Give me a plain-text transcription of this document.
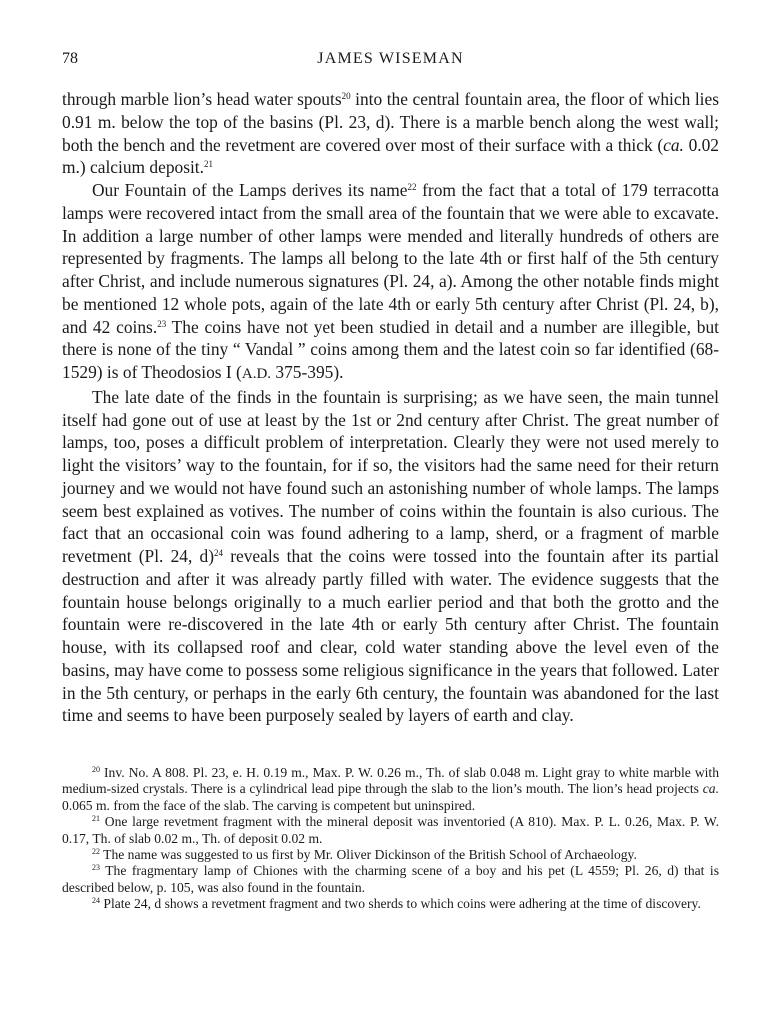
78	JAMES WISEMAN

through marble lion’s head water spouts$^{20}$ into the central fountain area, the floor of which lies 0.91 m. below the top of the basins (Pl. 23, d). There is a marble bench along the west wall; both the bench and the revetment are covered over most of their surface with a thick (ca. 0.02 m.) calcium deposit.$^{21}$

Our Fountain of the Lamps derives its name$^{22}$ from the fact that a total of 179 terracotta lamps were recovered intact from the small area of the fountain that we were able to excavate. In addition a large number of other lamps were mended and literally hundreds of others are represented by fragments. The lamps all belong to the late 4th or first half of the 5th century after Christ, and include numerous signatures (Pl. 24, a). Among the other notable finds might be mentioned 12 whole pots, again of the late 4th or early 5th century after Christ (Pl. 24, b), and 42 coins.$^{23}$ The coins have not yet been studied in detail and a number are illegible, but there is none of the tiny “ Vandal ” coins among them and the latest coin so far identified (68-1529) is of Theodosios I (A.D. 375-395).

The late date of the finds in the fountain is surprising; as we have seen, the main tunnel itself had gone out of use at least by the 1st or 2nd century after Christ. The great number of lamps, too, poses a difficult problem of interpretation. Clearly they were not used merely to light the visitors’ way to the fountain, for if so, the visitors had the same need for their return journey and we would not have found such an astonishing number of whole lamps. The lamps seem best explained as votives. The number of coins within the fountain is also curious. The fact that an occasional coin was found adhering to a lamp, sherd, or a fragment of marble revetment (Pl. 24, d)$^{24}$ reveals that the coins were tossed into the fountain after its partial destruction and after it was already partly filled with water. The evidence suggests that the fountain house belongs originally to a much earlier period and that both the grotto and the fountain were re-discovered in the late 4th or early 5th century after Christ. The fountain house, with its collapsed roof and clear, cold water standing above the level even of the basins, may have come to possess some religious significance in the years that followed. Later in the 5th century, or perhaps in the early 6th century, the fountain was abandoned for the last time and seems to have been purposely sealed by layers of earth and clay.

$^{20}$ Inv. No. A 808. Pl. 23, e. H. 0.19 m., Max. P. W. 0.26 m., Th. of slab 0.048 m. Light gray to white marble with medium-sized crystals. There is a cylindrical lead pipe through the slab to the lion’s mouth. The lion’s head projects ca. 0.065 m. from the face of the slab. The carving is competent but uninspired.

$^{21}$ One large revetment fragment with the mineral deposit was inventoried (A 810). Max. P. L. 0.26, Max. P. W. 0.17, Th. of slab 0.02 m., Th. of deposit 0.02 m.

$^{22}$ The name was suggested to us first by Mr. Oliver Dickinson of the British School of Archaeology.

$^{23}$ The fragmentary lamp of Chiones with the charming scene of a boy and his pet (L 4559; Pl. 26, d) that is described below, p. 105, was also found in the fountain.

$^{24}$ Plate 24, d shows a revetment fragment and two sherds to which coins were adhering at the time of discovery.
